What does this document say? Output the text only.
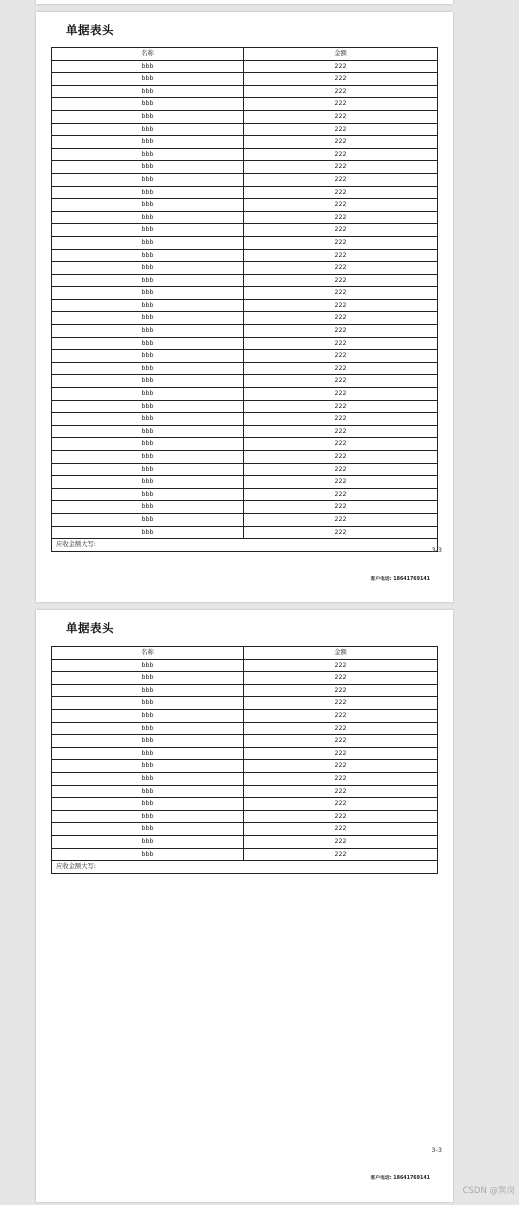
单据表头
名称	金额
bbb	222
bbb	222
bbb	222
bbb	222
bbb	222
bbb	222
bbb	222
bbb	222
bbb	222
bbb	222
bbb	222
bbb	222
bbb	222
bbb	222
bbb	222
bbb	222
bbb	222
bbb	222
bbb	222
bbb	222
bbb	222
bbb	222
bbb	222
bbb	222
bbb	222
bbb	222
bbb	222
bbb	222
bbb	222
bbb	222
bbb	222
bbb	222
bbb	222
bbb	222
bbb	222
bbb	222
bbb	222
bbb	222
应收金额大写:	
3-3
客户电话: 18641769141
单据表头
名称	金额
bbb	222
bbb	222
bbb	222
bbb	222
bbb	222
bbb	222
bbb	222
bbb	222
bbb	222
bbb	222
bbb	222
bbb	222
bbb	222
bbb	222
bbb	222
bbb	222
应收金额大写:	
3-3
客户电话: 18641769141
CSDN @巽岗
